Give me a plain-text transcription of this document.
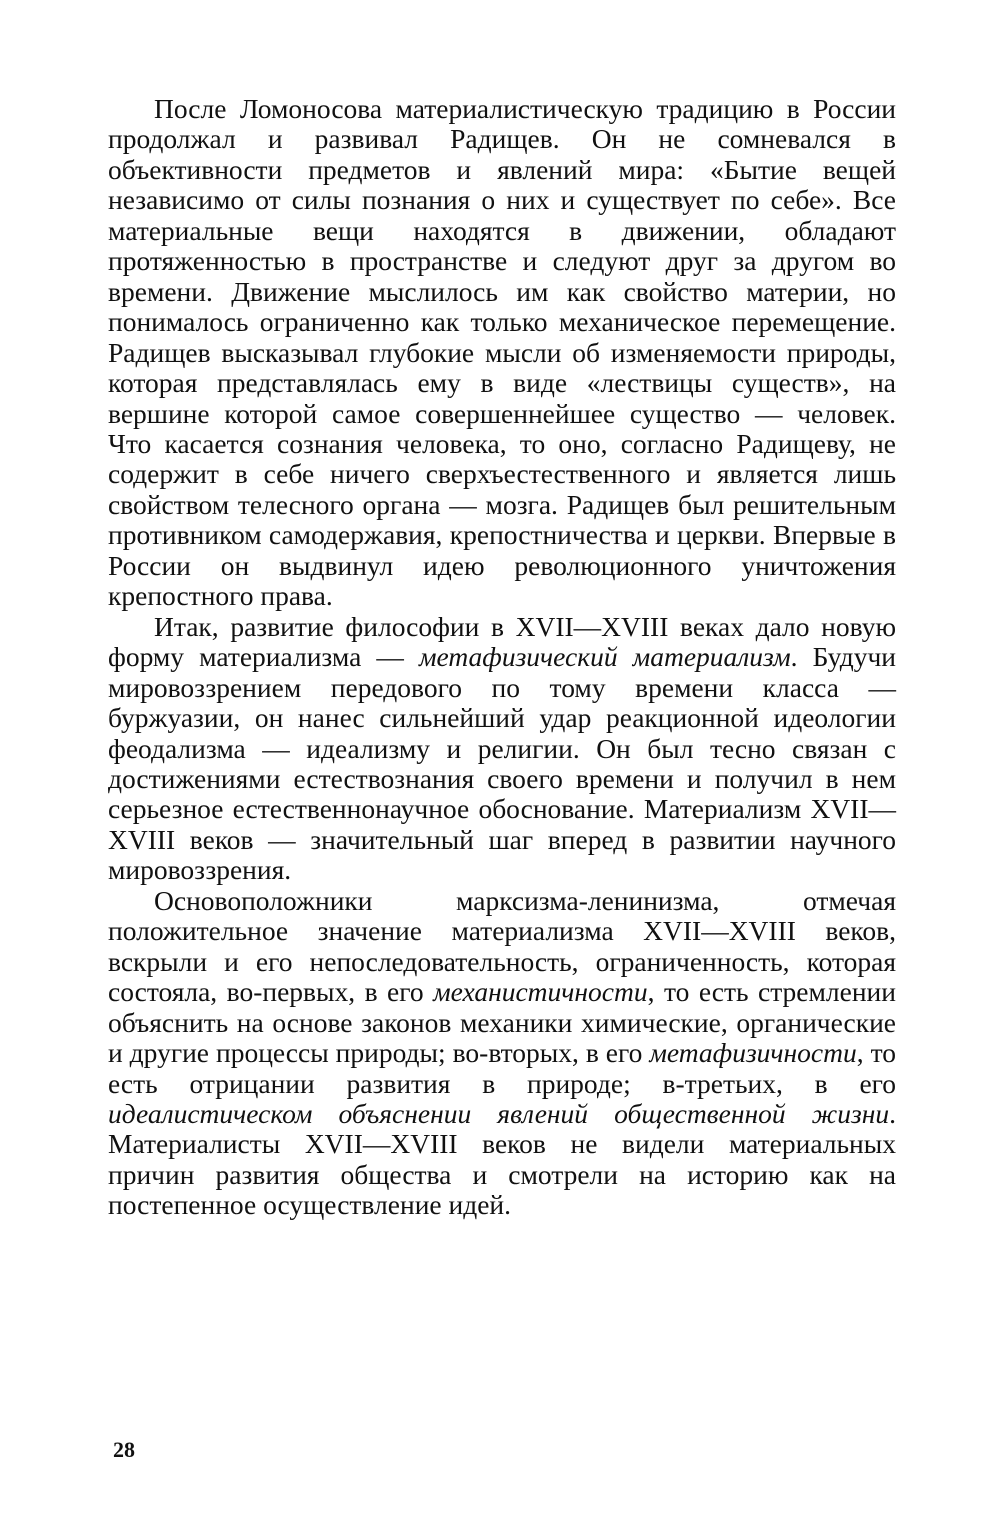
После Ломоносова материалистическую традицию в России продолжал и развивал Радищев. Он не сомневался в объективности предметов и явлений мира: «Бытие вещей независимо от силы познания о них и существует по себе». Все материальные вещи находятся в движении, обладают протяженностью в пространстве и следуют друг за другом во времени. Движение мыслилось им как свойство материи, но понималось ограниченно как только механическое перемещение. Радищев высказывал глубокие мысли об изменяемости природы, которая представлялась ему в виде «лествицы существ», на вершине которой самое совершеннейшее существо — человек. Что касается сознания человека, то оно, согласно Радищеву, не содержит в себе ничего сверхъестественного и является лишь свойством телесного органа — мозга. Радищев был решительным противником самодержавия, крепостничества и церкви. Впервые в России он выдвинул идею революционного уничтожения крепостного права.

Итак, развитие философии в XVII—XVIII веках дало новую форму материализма — метафизический материализм. Будучи мировоззрением передового по тому времени класса — буржуазии, он нанес сильнейший удар реакционной идеологии феодализма — идеализму и религии. Он был тесно связан с достижениями естествознания своего времени и получил в нем серьезное естественнонаучное обоснование. Материализм XVII—XVIII веков — значительный шаг вперед в развитии научного мировоззрения.

Основоположники марксизма-ленинизма, отмечая положительное значение материализма XVII—XVIII веков, вскрыли и его непоследовательность, ограниченность, которая состояла, во-первых, в его механистичности, то есть стремлении объяснить на основе законов механики химические, органические и другие процессы природы; во-вторых, в его метафизичности, то есть отрицании развития в природе; в-третьих, в его идеалистическом объяснении явлений общественной жизни. Материалисты XVII—XVIII веков не видели материальных причин развития общества и смотрели на историю как на постепенное осуществление идей.

28
